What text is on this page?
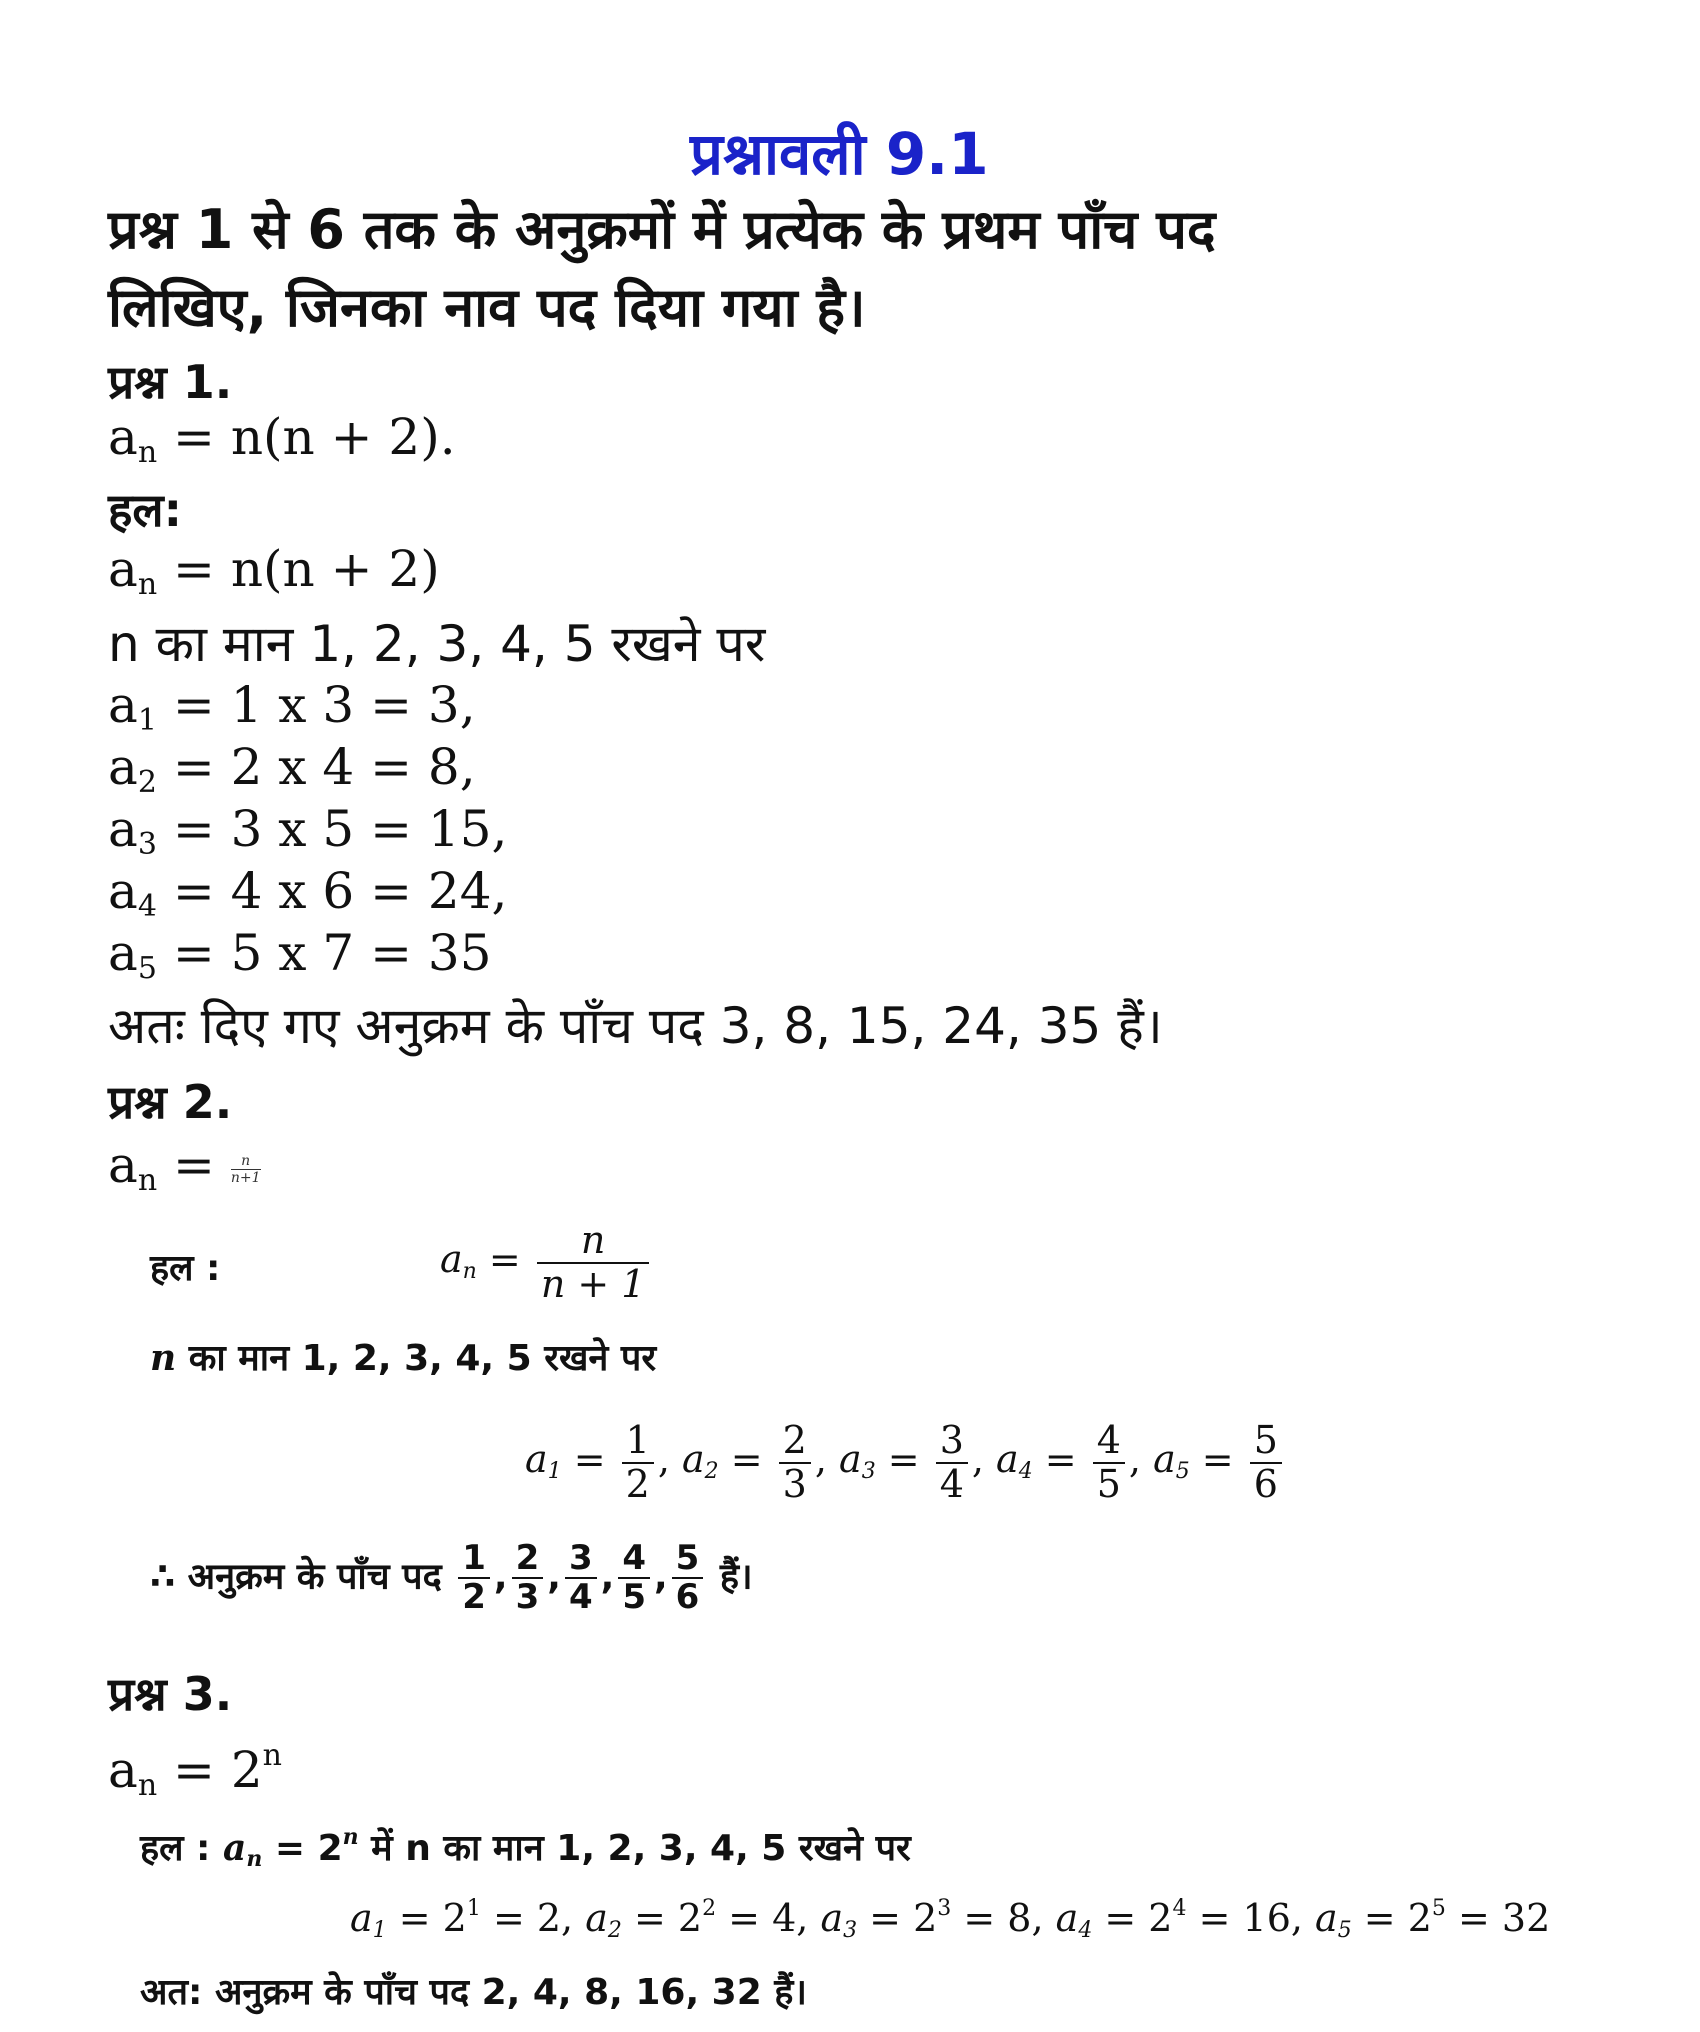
प्रश्नावली 9.1
प्रश्न 1 से 6 तक के अनुक्रमों में प्रत्येक के प्रथम पाँच पद
लिखिए, जिनका नाव पद दिया गया है।
प्रश्न 1.
$a_n = n(n + 2)$.
हल:
$a_n = n(n + 2)$
n का मान 1, 2, 3, 4, 5 रखने पर
$a_1 = 1$ x 3 = 3,
$a_2 = 2$ x 4 = 8,
$a_3 = 3$ x 5 = 15,
$a_4 = 4$ x 6 = 24,
$a_5 = 5$ x 7 = 35
अतः दिए गए अनुक्रम के पाँच पद 3, 8, 15, 24, 35 हैं।
प्रश्न 2.
$a_n = \frac{n}{n+1}$
हल :	$a_n = \frac{n}{n + 1}$
n का मान 1, 2, 3, 4, 5 रखने पर
$a_1 = \frac{1}{2}$ , $a_2 = \frac{2}{3}$ , $a_3 = \frac{3}{4}$ , $a_4 = \frac{4}{5}$ , $a_5 = \frac{5}{6}$
∴ अनुक्रम के पाँच पद $\frac{1}{2}$ , $\frac{2}{3}$ , $\frac{3}{4}$ , $\frac{4}{5}$ , $\frac{5}{6}$ हैं।
प्रश्न 3.
$a_n = 2^n$
हल : $a_n = 2^n$ में n का मान 1, 2, 3, 4, 5 रखने पर
$a_1 = 2^1 = 2$, $a_2 = 2^2 = 4$, $a_3 = 2^3 = 8$, $a_4 = 2^4 = 16$, $a_5 = 2^5 = 32$
अत: अनुक्रम के पाँच पद 2, 4, 8, 16, 32 हैं।
